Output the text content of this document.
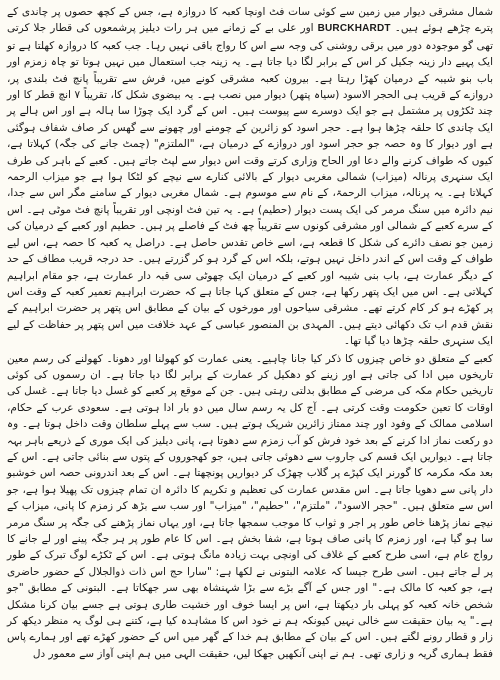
شمال مشرقی دیوار میں زمین سے کوئی سات فٹ اونچا کعبہ کا دروازہ ہے، جس کے کچھ حصوں پر چاندی کے پترے چڑھے ہوئے ہیں۔ BURCKHARDT اور علی بے کے زمانے میں ہر رات دیلیز پرشمعوں کی قطار جلا کرتی تھی گو موجودہ دور میں برقی روشنی کی وجہ سے اس کا رواج باقی نہیں رہا۔ جب کعبہ کا دروازہ کھلتا ہے تو ایک پہیے دار زینہ جکیل کر اس کے برابر لگا دیا جاتا ہے۔ یہ زینہ جب استعمال میں نہیں ہوتا تو چاہ زمزم اور باب بنو شیبہ کے درمیان کھڑا رہتا ہے۔ بیرون کعبہ مشرقی کونے میں، فرش سے تقریباً پانچ فٹ بلندی پر، دروازے کے قریب ہی الحجر الاسود (سیاہ پتھر) دیوار میں نصب ہے۔ یہ بیضوی شکل کا، تقریباً ۷ انچ قطر کا اور چند ٹکڑوں پر مشتمل ہے جو ایک دوسرے سے پیوست ہیں۔ اس کے گرد ایک چوڑا سا ہالہ ہے اور اس ہالے پر ایک چاندی کا حلقہ چڑھا ہوا ہے۔ حجر اسود کو زائرین کے چومنے اور چھونے سے گھس کر صاف شفاف ہوگئی ہے اور دیوار کا وہ حصہ جو حجر اسود اور دروازے کے درمیان ہے، "الملتزم" (چمٹ جانے کی جگہ) کہلاتا ہے، کیوں کہ طواف کرنے والے دعا اور الحاح وزاری کرتے وقت اس دیوار سے لپٹ جاتے ہیں۔ کعبے کے باہر کی طرف ایک سنہری پرنالہ (میزاب) شمالی مغربی دیوار کے بالائی کنارے سے نیچے کو لٹکا ہوا ہے جو میزاب الرحمہ کہلاتا ہے۔ یہ پرنالہ، میزاب الرحمۃ، کے نام سے موسوم ہے۔ شمال مغربی دیوار کے سامنے مگر اس سے جدا، نیم دائرہ میں سنگ مرمر کی ایک پست دیوار (حطیم) ہے۔ یہ تین فٹ اونچی اور تقریباً پانچ فٹ موٹی ہے۔ اس کے سرے کعبے کے شمالی اور مشرقی کونوں سے تقریباً چھ فٹ کے فاصلے پر ہیں۔ حطیم اور کعبے کے درمیان کی زمین جو نصف دائرے کی شکل کا قطعہ ہے، اسے خاص تقدس حاصل ہے۔ دراصل یہ کعبہ کا حصہ ہے، اس لیے طواف کے وقت اس کے اندر داخل نہیں ہوتے، بلکہ اس کے گرد ہو کر گزرتے ہیں۔ حد درجہ قریب مطاف کے حد کے دیگر عمارت ہے، باب بنی شیبہ اور کعبے کے درمیان ایک چھوٹی سی قبہ دار عمارت ہے، جو مقام ابراہیم کہلاتی ہے۔ اس میں ایک پتھر رکھا ہے، جس کے متعلق کہا جاتا ہے کہ حضرت ابراہیم تعمیر کعبہ کے وقت اس پر کھڑے ہو کر کام کرتے تھے۔ مشرقی سیاحوں اور مورخوں کے بیان کے مطابق اس پتھر پر حضرت ابراہیم کے نقش قدم اب تک دکھائی دیتے ہیں۔ المہدی بن المنصور عباسی کے عہد خلافت میں اس پتھر پر حفاظت کے لیے ایک سنہری حلقہ چڑھا دیا گیا تھا۔

کعبے کے متعلق دو خاص چیزوں کا ذکر کیا جانا چاہیے۔ یعنی عمارت کو کھولنا اور دھونا۔ کھولنے کی رسم معین تاریخوں میں ادا کی جاتی ہے اور زینے کو دھکیل کر عمارت کے برابر لگا دیا جاتا ہے۔ ان رسموں کی کوئی تاریخیں حکام مکہ کی مرضی کے مطابق بدلتی رہتی ہیں۔ جن کے موقع پر کعبے کو غسل دیا جاتا ہے۔ غسل کی اوقات کا تعین حکومت وقت کرتی ہے۔ آج کل یہ رسم سال میں دو بار ادا ہوتی ہے۔ سعودی عرب کے حکام، اسلامی ممالک کے وفود اور چند ممتاز زائرین شریک ہوتے ہیں۔ سب سے پہلے سلطان وقت داخل ہوتا ہے۔ وہ دو رکعت نماز ادا کرنے کے بعد خود فرش کو آب زمزم سے دھوتا ہے، پانی دیلیز کی ایک موری کے ذریعے باہر بہہ جاتا ہے۔ دیواریں ایک قسم کی جاروب سے دھوئی جاتی ہیں، جو کھجوروں کے پتوں سے بنائی جاتی ہے۔ اس کے بعد مکہ مکرمہ کا گورنر ایک کپڑے پر گلاب چھڑک کر دیواریں پونچھتا ہے۔ اس کے بعد اندرونی حصہ اس خوشبو دار پانی سے دھویا جاتا ہے۔ اس مقدس عمارت کی تعظیم و تکریم کا دائرہ ان تمام چیزوں تک پھیلا ہوا ہے، جو اس سے متعلق ہیں۔ "حجر الاسود"، "ملتزم"، "حطیم"، "میزاب" اور سب سے بڑھ کر زمزم کا پانی، میزاب کے نیچے نماز پڑھنا خاص طور پر اجر و ثواب کا موجب سمجھا جاتا ہے، اور یہاں نماز پڑھنے کی جگہ پر سنگ مرمر سا ہو گیا ہے، اور زمزم کا پانی صاف ہوتا ہے، شفا بخش ہے۔ اس کا عام طور پر ہر جگہ پینے اور لے جانے کا رواج عام ہے، اسی طرح کعبے کے غلاف کی اونچی بہت زیادہ مانگ ہوتی ہے۔ اس کے ٹکڑے لوگ تبرک کے طور پر لے جاتے ہیں۔ اسی طرح جیسا کہ علامہ البتونی نے لکھا ہے: "سارا حج اس ذات ذوالجلال کے حضور حاضری ہے، جو کعبہ کا مالک ہے۔" اور جس کے آگے بڑے سے بڑا شہنشاہ بھی سر جھکاتا ہے۔ البتونی کے مطابق "جو شخص خانہ کعبہ کو پہلی بار دیکھتا ہے، اس پر ایسا خوف اور خشیت طاری ہوتی ہے جسے بیان کرنا مشکل ہے۔" یہ بیان حقیقت سے خالی نہیں کیونکہ ہم نے خود اس کا مشاہدہ کیا ہے، کتنے ہی لوگ یہ منظر دیکھ کر زار و قطار رونے لگتے ہیں۔ اس کے بیان کے مطابق ہم خدا کے گھر میں اس کے حضور کھڑے تھے اور ہمارے پاس فقط ہماری گریہ و زاری تھی۔ ہم نے اپنی آنکھیں جھکا لیں، حقیقت الہی میں ہم اپنی آواز سے معمور دل
